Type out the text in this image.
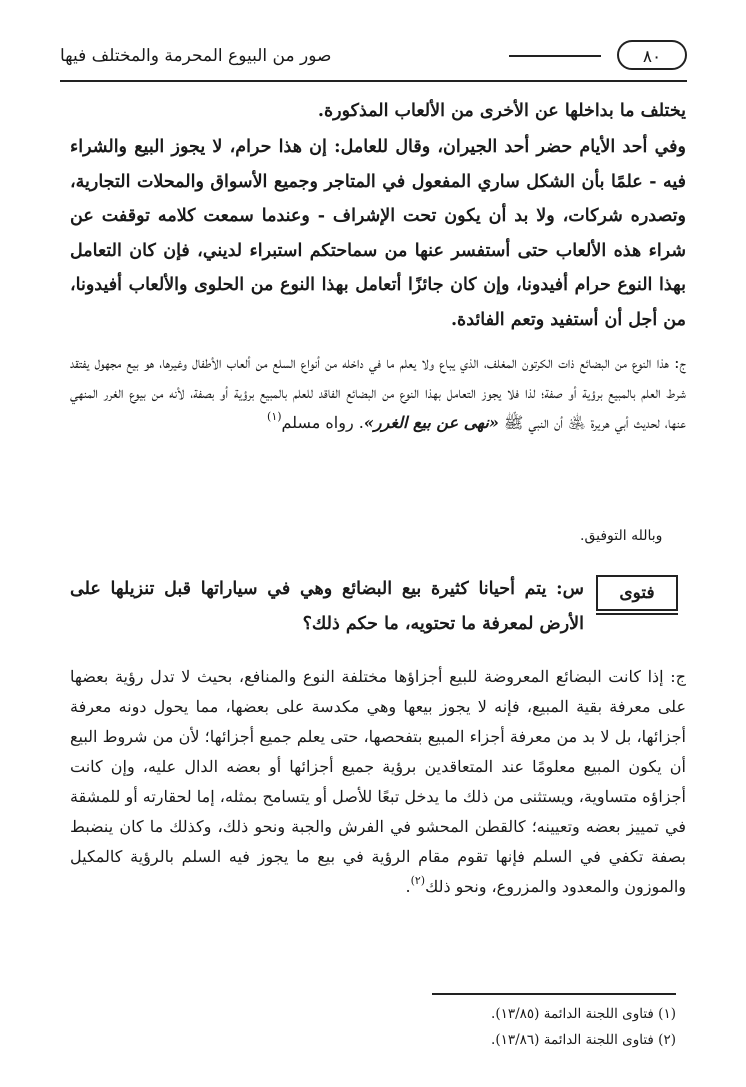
٨٠
صور من البيوع المحرمة والمختلف فيها
يختلف ما بداخلها عن الأخرى من الألعاب المذكورة.
وفي أحد الأيام حضر أحد الجيران، وقال للعامل: إن هذا حرام، لا يجوز البيع والشراء فيه - علمًا بأن الشكل ساري المفعول في المتاجر وجميع الأسواق والمحلات التجارية، وتصدره شركات، ولا بد أن يكون تحت الإشراف - وعندما سمعت كلامه توقفت عن شراء هذه الألعاب حتى أستفسر عنها من سماحتكم استبراء لديني، فإن كان التعامل بهذا النوع حرام أفيدونا، وإن كان جائزًا أتعامل بهذا النوع من الحلوى والألعاب أفيدونا، من أجل أن أستفيد وتعم الفائدة.
ج: هذا النوع من البضائع ذات الكرتون المغلف، الذي يباع ولا يعلم ما في داخله من أنواع السلع من ألعاب الأطفال وغيرها، هو بيع مجهول يفتقد شرط العلم بالمبيع برؤية أو صفة؛ لذا فلا يجوز التعامل بهذا النوع من البضائع الفاقد للعلم بالمبيع برؤية أو بصفة، لأنه من بيوع الغرر المنهي عنها، لحديث أبي هريرة ﵁ أن النبي ﷺ «نهى عن بيع الغرر». رواه مسلم$^{(١)}$
وبالله التوفيق.
فتوى
س: يتم أحيانا كثيرة بيع البضائع وهي في سياراتها قبل تنزيلها على الأرض لمعرفة ما تحتويه، ما حكم ذلك؟
ج: إذا كانت البضائع المعروضة للبيع أجزاؤها مختلفة النوع والمنافع، بحيث لا تدل رؤية بعضها على معرفة بقية المبيع، فإنه لا يجوز بيعها وهي مكدسة على بعضها، مما يحول دونه معرفة أجزائها، بل لا بد من معرفة أجزاء المبيع بتفحصها، حتى يعلم جميع أجزائها؛ لأن من شروط البيع أن يكون المبيع معلومًا عند المتعاقدين برؤية جميع أجزائها أو بعضه الدال عليه، وإن كانت أجزاؤه متساوية، ويستثنى من ذلك ما يدخل تبعًا للأصل أو يتسامح بمثله، إما لحقارته أو للمشقة في تمييز بعضه وتعيينه؛ كالقطن المحشو في الفرش والجبة ونحو ذلك، وكذلك ما كان ينضبط بصفة تكفي في السلم فإنها تقوم مقام الرؤية في بيع ما يجوز فيه السلم بالرؤية كالمكيل والموزون والمعدود والمزروع، ونحو ذلك$^{(٢)}$.
(١) فتاوى اللجنة الدائمة (١٣/٨٥).
(٢) فتاوى اللجنة الدائمة (١٣/٨٦).
